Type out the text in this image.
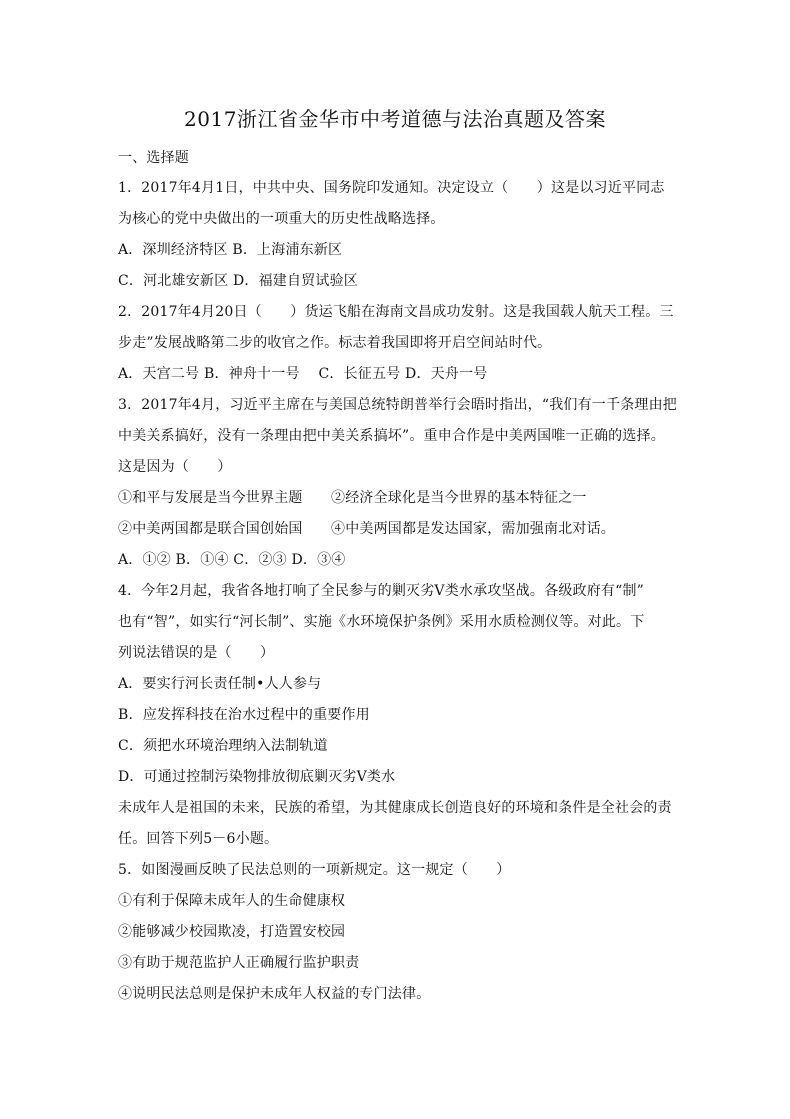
2017浙江省金华市中考道德与法治真题及答案
一、选择题
1．2017年4月1日，中共中央、国务院印发通知。决定设立（　　）这是以习近平同志
为核心的党中央做出的一项重大的历史性战略选择。
A．深圳经济特区 B．上海浦东新区
C．河北雄安新区 D．福建自贸试验区
2．2017年4月20日（　　）货运飞船在海南文昌成功发射。这是我国载人航天工程。三
步走”发展战略第二步的收官之作。标志着我国即将开启空间站时代。
A．天宫二号 B．神舟十一号　 C．长征五号 D．天舟一号
3．2017年4月，习近平主席在与美国总统特朗普举行会晤时指出，“我们有一千条理由把
中美关系搞好，没有一条理由把中美关系搞坏”。重申合作是中美两国唯一正确的选择。
这是因为（　　）
①和平与发展是当今世界主题　　②经济全球化是当今世界的基本特征之一
②中美两国都是联合国创始国　　④中美两国都是发达国家，需加强南北对话。
A．①② B．①④ C．②③ D．③④
4．今年2月起，我省各地打响了全民参与的剿灭劣Ⅴ类水承攻坚战。各级政府有“制”
也有“智”，如实行“河长制”、实施《水环境保护条例》采用水质检测仪等。对此。下
列说法错误的是（　　）
A．要实行河长责任制•人人参与
B．应发挥科技在治水过程中的重要作用
C．须把水环境治理纳入法制轨道
D．可通过控制污染物排放彻底剿灭劣Ⅴ类水
未成年人是祖国的未来，民族的希望，为其健康成长创造良好的环境和条件是全社会的责
任。回答下列5－6小题。
5．如图漫画反映了民法总则的一项新规定。这一规定（　　）
①有利于保障未成年人的生命健康权
②能够减少校园欺凌，打造置安校园
③有助于规范监护人正确履行监护职责
④说明民法总则是保护未成年人权益的专门法律。
